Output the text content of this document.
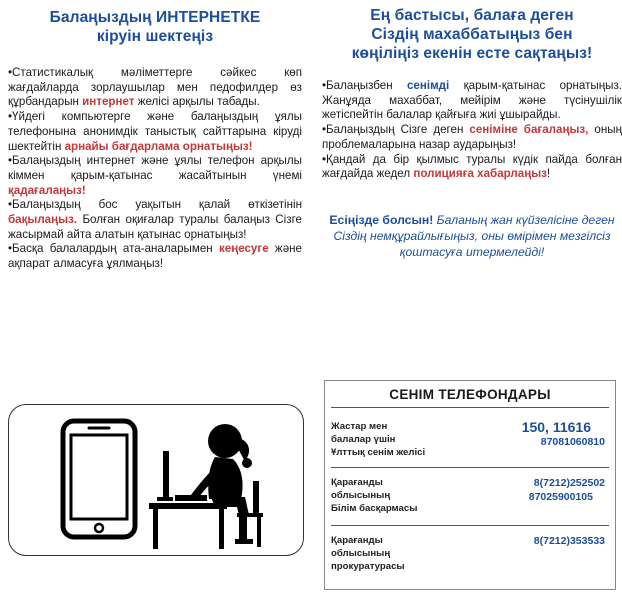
Балаңыздың ИНТЕРНЕТКЕ
кіруін шектеңіз

•Статистикалық мәліметтерге сәйкес көп жағдайларда зорлаушылар мен педофилдер өз құрбандарын интернет желісі арқылы табады.

•Үйдегі компьютерге және балаңыздың ұялы телефонына анонимдік таныстық сайттарына кіруді шектейтін арнайы бағдарлама орнатыңыз!

•Балаңыздың интернет және ұялы телефон арқылы кіммен қарым-қатынас жасайтынын үнемі қадағалаңыз!

•Балаңыздың бос уақытын қалай өткізетінін бақылаңыз. Болған оқиғалар туралы балаңыз Сізге жасырмай айта алатын қатынас орнатыңыз!

•Басқа балалардың ата-аналарымен кеңесуге және ақпарат алмасуға ұялмаңыз!

Ең бастысы, балаға деген
Сіздің махаббатыңыз бен
көңіліңіз екенін есте сақтаңыз!

•Балаңызбен сенімді қарым-қатынас орнатыңыз. Жанұяда махаббат, мейірім және түсінушілік жетіспейтін балалар қайғыға жиі ұшырайды.

•Балаңыздың Сізге деген сеніміне бағалаңыз, оның проблемаларына назар аударыңыз!

•Қандай да бір қылмыс туралы күдік пайда болған жағдайда жедел полицияға хабарлаңыз!

Есіңізде болсын! Баланың жан күйзелісіне деген Сіздің немқұрайлығыңыз, оны өмірімен мезгілсіз қоштасуға итермелейді!

СЕНІМ ТЕЛЕФОНДАРЫ
Жастар мен
балалар үшін
Ұлттық сенім желісі
150, 11616
87081060810
Қарағанды
облысының
Білім басқармасы
8(7212)252502
87025900105
Қарағанды
облысының
прокуратурасы
8(7212)353533
